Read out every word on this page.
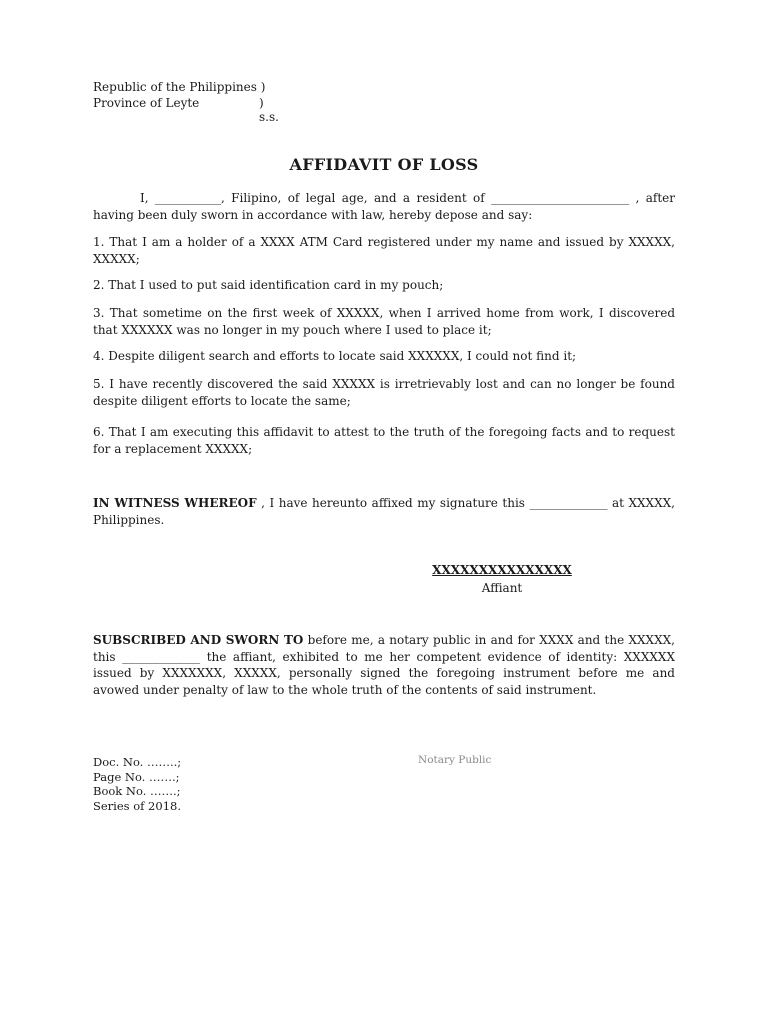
Republic of the Philippines )
Province of Leyte	) s.s.
AFFIDAVIT OF LOSS
I, ___________, Filipino, of legal age, and a resident of _______________________ , after having been duly sworn in accordance with law, hereby depose and say:
1. That I am a holder of a XXXX ATM Card registered under my name and issued by XXXXX, XXXXX;
2. That I used to put said identification card in my pouch;
3. That sometime on the first week of XXXXX, when I arrived home from work, I discovered that XXXXXX was no longer in my pouch where I used to place it;
4. Despite diligent search and efforts to locate said XXXXXX, I could not find it;
5. I have recently discovered the said XXXXX is irretrievably lost and can no longer be found despite diligent efforts to locate the same;
6. That I am executing this affidavit to attest to the truth of the foregoing facts and to request for a replacement XXXXX;
IN WITNESS WHEREOF , I have hereunto affixed my signature this _____________ at XXXXX, Philippines.
XXXXXXXXXXXXXXX
Affiant
SUBSCRIBED AND SWORN TO before me, a notary public in and for XXXX and the XXXXX, this _____________ the affiant, exhibited to me her competent evidence of identity: XXXXXX issued by XXXXXXX, XXXXX, personally signed the foregoing instrument before me and avowed under penalty of law to the whole truth of the contents of said instrument.
Notary Public
Doc. No. ……..;
Page No. …….;
Book No. …….;
Series of 2018.
